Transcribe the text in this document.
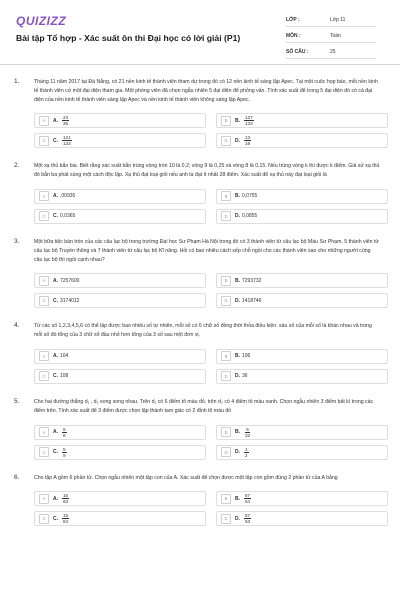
QUIZIZZ
Bài tập Tổ hợp - Xác suất ôn thi Đại học có lời giải (P1)
LỚP :	Lớp 11
MÔN :	Toán
SỐ CÂU :	25
1.	Tháng 11 năm 2017 tại Đà Nẵng, có 21 nền kinh tế thành viên tham dự trong đó có 12 nền kinh tế sáng lập Apec. Tại một cuộc họp báo, mỗi nền kinh tế thành viên cử một đại diện tham gia. Một phóng viên đã chọn ngẫu nhiên 5 đại diện để phỏng vấn. Tính xác suất để trong 5 đại diện đó có cả đại diện của nền kinh tế thành viên sáng lập Apec và nền kinh tế thành viên không sáng lập Apec.
A	A. $\frac{23}{35}$	B	B. $\frac{127}{133}$
C	C. $\frac{121}{133}$	D	D. $\frac{13}{19}$
2.	Một xạ thủ bắn bia. Biết rằng xác suất bắn trúng vòng tròn 10 là 0,2; vòng 9 là 0,25 và vòng 8 là 0,15. Nếu trúng vòng k thì được k điểm. Giả sử xạ thủ đó bắn ba phát súng một cách độc lập. Xạ thủ đạt loại giỏi nếu anh ta đạt ít nhất 28 điểm. Xác suất để xạ thủ này đạt loại giỏi là
A	A. ,00935	B	B. 0,0755
C	C. 0,0365	D	D. 0,0855
3.	Một bữa tiệc bàn tròn của các câu lạc bộ trong trường Đại học Sư Phạm Hà Nội trong đó có 3 thành viên từ câu lạc bộ Máu Sư Phạm, 5 thành viên từ câu lạc bộ Truyền thông và 7 thành viên từ câu lạc bộ Kĩ năng. Hỏi có bao nhiêu cách xếp chỗ ngồi cho các thành viên sao cho những người cùng câu lạc bộ thì ngồi cạnh nhau?
A	A. 7257600	B	B. 7293732
C	C. 3174012	D	D. 1418746
4.	Từ các số 1,2,3,4,5,6 có thể lập được bao nhiêu số tự nhiên, mỗi số có 6 chữ số đồng thời thỏa điều kiện: sáu số của mỗi số là khác nhau và trong mỗi số đó tổng của 3 chữ số đầu nhỏ hơn tổng của 3 số sau một đơn vị.
A	A. 104	B	B. 106
C	C. 108	D	D. 36
5.	Cho hai đường thẳng d₁ , d₂ song song nhau. Trên d₁ có 6 điểm tô màu đỏ, trên d₂ có 4 điểm tô màu xanh. Chọn ngẫu nhiên 3 điểm bất kì trong các điểm trên. Tính xác suất để 3 điểm được chọn lập thành tam giác có 2 đỉnh tô màu đỏ
A	A. $\frac{5}{8}$	B	B. $\frac{5}{32}$
C	C. $\frac{5}{9}$	D	D. $\frac{1}{2}$
6.	Cho tập A gồm 6 phần tử. Chọn ngẫu nhiên một tập con của A. Xác suất để chọn được một tập con gồm đúng 2 phần tử của A bằng
A	A. $\frac{15}{63}$	B	B. $\frac{57}{64}$
C	C. $\frac{15}{64}$	D	D. $\frac{57}{63}$
